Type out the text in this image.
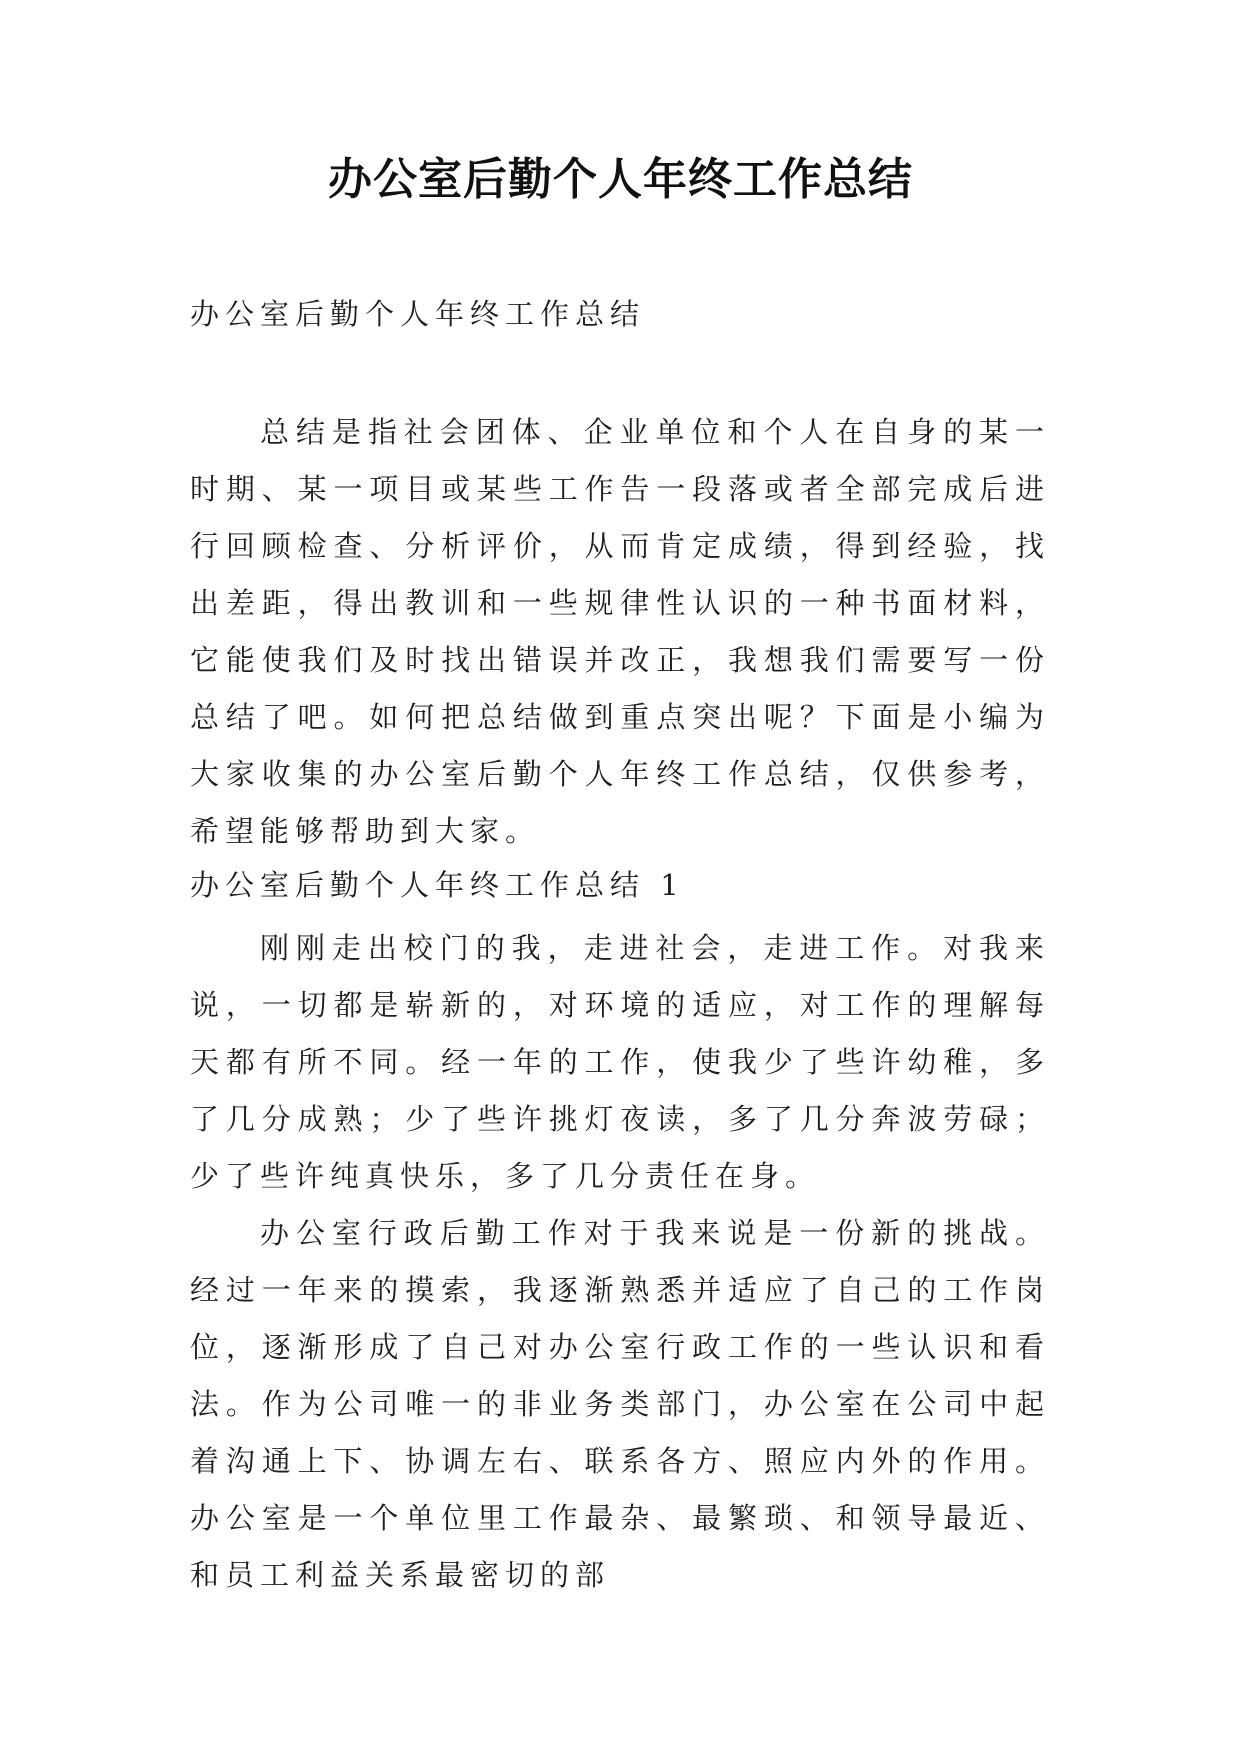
办公室后勤个人年终工作总结
办公室后勤个人年终工作总结

总结是指社会团体、企业单位和个人在自身的某一时期、某一项目或某些工作告一段落或者全部完成后进行回顾检查、分析评价，从而肯定成绩，得到经验，找出差距，得出教训和一些规律性认识的一种书面材料，它能使我们及时找出错误并改正，我想我们需要写一份总结了吧。如何把总结做到重点突出呢？下面是小编为大家收集的办公室后勤个人年终工作总结，仅供参考，希望能够帮助到大家。

办公室后勤个人年终工作总结 1

刚刚走出校门的我，走进社会，走进工作。对我来说，一切都是崭新的，对环境的适应，对工作的理解每天都有所不同。经一年的工作，使我少了些许幼稚，多了几分成熟；少了些许挑灯夜读，多了几分奔波劳碌；少了些许纯真快乐，多了几分责任在身。

办公室行政后勤工作对于我来说是一份新的挑战。经过一年来的摸索，我逐渐熟悉并适应了自己的工作岗位，逐渐形成了自己对办公室行政工作的一些认识和看法。作为公司唯一的非业务类部门，办公室在公司中起着沟通上下、协调左右、联系各方、照应内外的作用。办公室是一个单位里工作最杂、最繁琐、和领导最近、和员工利益关系最密切的部
